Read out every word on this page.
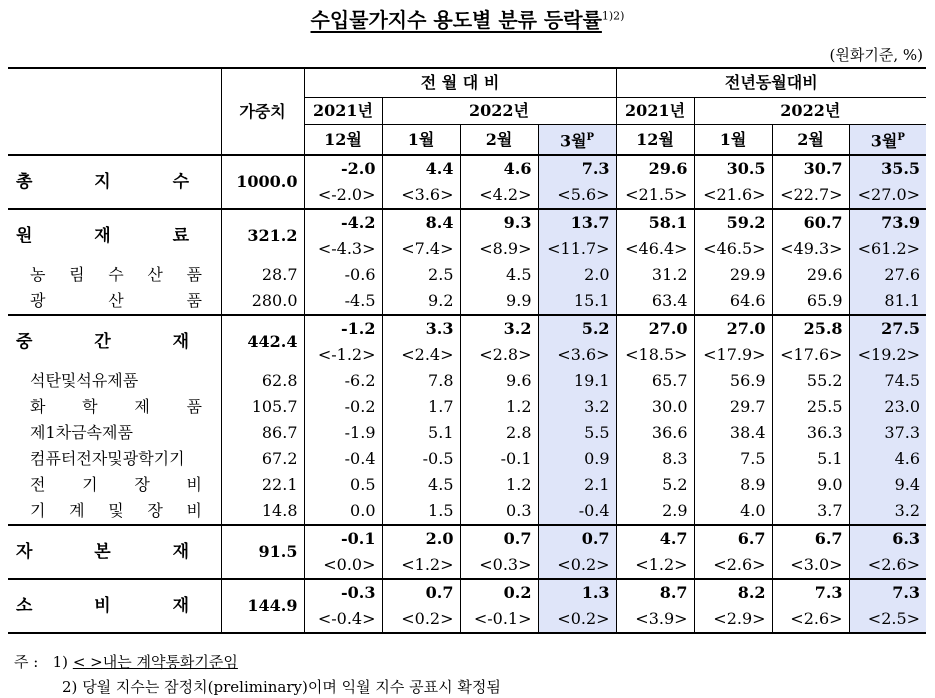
수입물가지수 용도별 분류 등락률$^{1)2)}$
(원화기준, %)
	가중치	전 월 대 비				전년동월대비			
		2021년	2022년			2021년	2022년		
		12월	1월	2월	3월$^P$	12월	1월	2월	3월$^P$

총 지 수	1000.0	-2.0	4.4	4.6	7.3	29.6	30.5	30.7	35.5
		<-2.0>	<3.6>	<4.2>	<5.6>	<21.5>	<21.6>	<22.7>	<27.0>

원 재 료	321.2	-4.2	8.4	9.3	13.7	58.1	59.2	60.7	73.9
		<-4.3>	<7.4>	<8.9>	<11.7>	<46.4>	<46.5>	<49.3>	<61.2>

농 림 수 산 품	28.7	-0.6	2.5	4.5	2.0	31.2	29.9	29.6	27.6

광 산 품	280.0	-4.5	9.2	9.9	15.1	63.4	64.6	65.9	81.1

중 간 재	442.4	-1.2	3.3	3.2	5.2	27.0	27.0	25.8	27.5
		<-1.2>	<2.4>	<2.8>	<3.6>	<18.5>	<17.9>	<17.6>	<19.2>

석탄및석유제품	62.8	-6.2	7.8	9.6	19.1	65.7	56.9	55.2	74.5

화 학 제 품	105.7	-0.2	1.7	1.2	3.2	30.0	29.7	25.5	23.0

제1차금속제품	86.7	-1.9	5.1	2.8	5.5	36.6	38.4	36.3	37.3

컴퓨터전자및광학기기	67.2	-0.4	-0.5	-0.1	0.9	8.3	7.5	5.1	4.6

전 기 장 비	22.1	0.5	4.5	1.2	2.1	5.2	8.9	9.0	9.4

기 계 및 장 비	14.8	0.0	1.5	0.3	-0.4	2.9	4.0	3.7	3.2

자 본 재	91.5	-0.1	2.0	0.7	0.7	4.7	6.7	6.7	6.3
		<0.0>	<1.2>	<0.3>	<0.2>	<1.2>	<2.6>	<3.0>	<2.6>

소 비 재	144.9	-0.3	0.7	0.2	1.3	8.7	8.2	7.3	7.3
		<-0.4>	<0.2>	<-0.1>	<0.2>	<3.9>	<2.9>	<2.6>	<2.5>
주 : 1) < >내는 계약통화기준임
2) 당월 지수는 잠정치(preliminary)이며 익월 지수 공표시 확정됨
